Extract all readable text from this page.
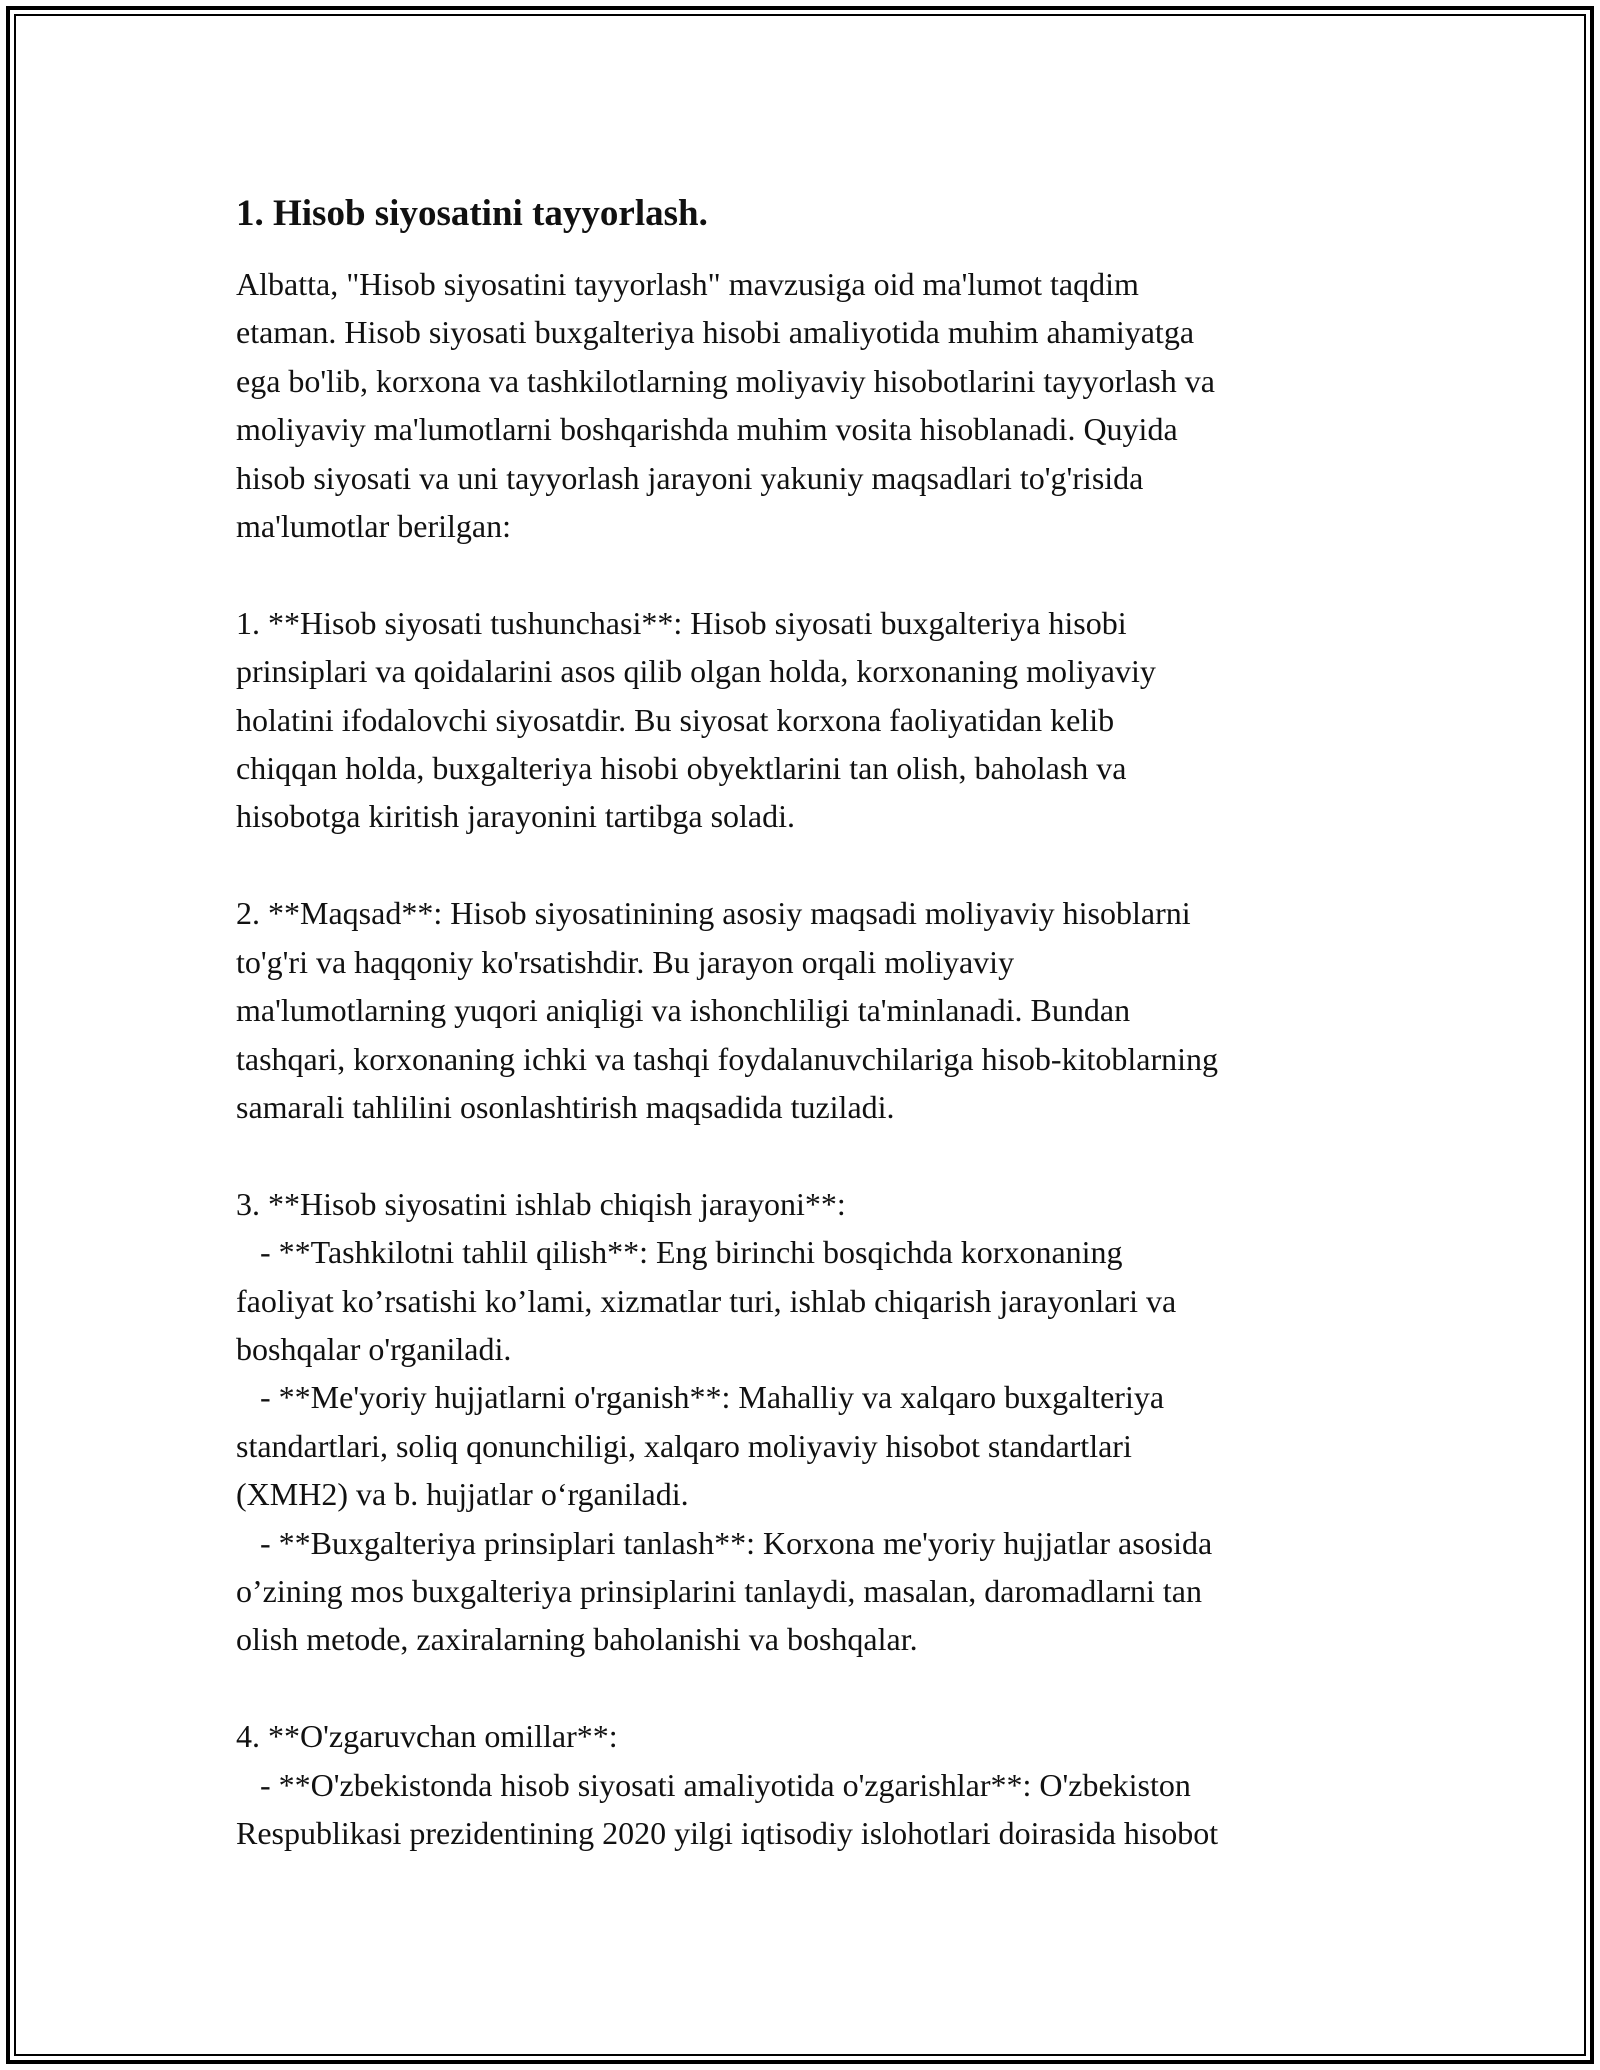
1. Hisob siyosatini tayyorlash.

Albatta, "Hisob siyosatini tayyorlash" mavzusiga oid ma'lumot taqdim
etaman. Hisob siyosati buxgalteriya hisobi amaliyotida muhim ahamiyatga
ega bo'lib, korxona va tashkilotlarning moliyaviy hisobotlarini tayyorlash va
moliyaviy ma'lumotlarni boshqarishda muhim vosita hisoblanadi. Quyida
hisob siyosati va uni tayyorlash jarayoni yakuniy maqsadlari to'g'risida
ma'lumotlar berilgan:

1. **Hisob siyosati tushunchasi**: Hisob siyosati buxgalteriya hisobi
prinsiplari va qoidalarini asos qilib olgan holda, korxonaning moliyaviy
holatini ifodalovchi siyosatdir. Bu siyosat korxona faoliyatidan kelib
chiqqan holda, buxgalteriya hisobi obyektlarini tan olish, baholash va
hisobotga kiritish jarayonini tartibga soladi.

2. **Maqsad**: Hisob siyosatinining asosiy maqsadi moliyaviy hisoblarni
to'g'ri va haqqoniy ko'rsatishdir. Bu jarayon orqali moliyaviy
ma'lumotlarning yuqori aniqligi va ishonchliligi ta'minlanadi. Bundan
tashqari, korxonaning ichki va tashqi foydalanuvchilariga hisob-kitoblarning
samarali tahlilini osonlashtirish maqsadida tuziladi.

3. **Hisob siyosatini ishlab chiqish jarayoni**:
- **Tashkilotni tahlil qilish**: Eng birinchi bosqichda korxonaning
faoliyat ko’rsatishi ko’lami, xizmatlar turi, ishlab chiqarish jarayonlari va
boshqalar o'rganiladi.
- **Me'yoriy hujjatlarni o'rganish**: Mahalliy va xalqaro buxgalteriya
standartlari, soliq qonunchiligi, xalqaro moliyaviy hisobot standartlari
(XMH2) va b. hujjatlar o‘rganiladi.
- **Buxgalteriya prinsiplari tanlash**: Korxona me'yoriy hujjatlar asosida
o’zining mos buxgalteriya prinsiplarini tanlaydi, masalan, daromadlarni tan
olish metode, zaxiralarning baholanishi va boshqalar.

4. **O'zgaruvchan omillar**:
- **O'zbekistonda hisob siyosati amaliyotida o'zgarishlar**: O'zbekiston
Respublikasi prezidentining 2020 yilgi iqtisodiy islohotlari doirasida hisobot
